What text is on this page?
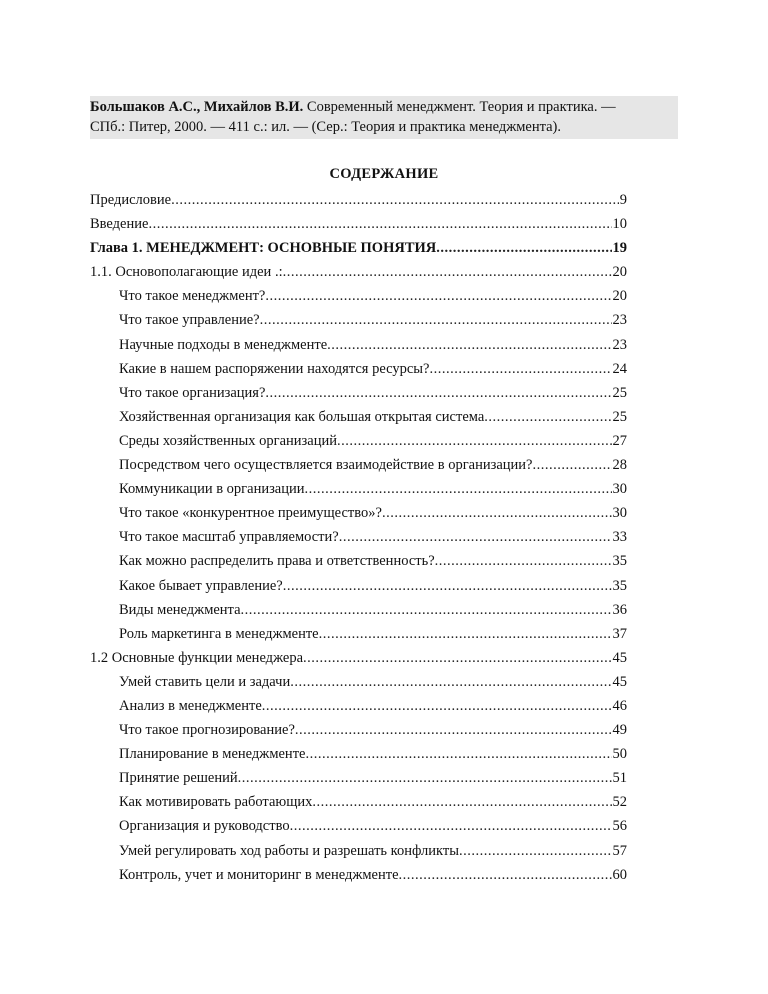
Большаков А.С., Михайлов В.И. Современный менеджмент. Теория и практика. —
СПб.: Питер, 2000. — 411 с.: ил. — (Сер.: Теория и практика менеджмента).
СОДЕРЖАНИЕ
Предисловие .....	9
Введение .....	10
Глава 1. МЕНЕДЖМЕНТ: ОСНОВНЫЕ ПОНЯТИЯ .....	19
1.1. Основополагающие идеи .: .....	20
Что такое менеджмент? .....	20
Что такое управление? .....	23
Научные подходы в менеджменте .....	23
Какие в нашем распоряжении находятся ресурсы? .....	24
Что такое организация? .....	25
Хозяйственная организация как большая открытая система .....	25
Среды хозяйственных организаций .....	27
Посредством чего осуществляется взаимодействие в организации? .....	28
Коммуникации в организации .....	30
Что такое «конкурентное преимущество»? .....	30
Что такое масштаб управляемости? .....	33
Как можно распределить права и ответственность? .....	35
Какое бывает управление? .....	35
Виды менеджмента .....	36
Роль маркетинга в менеджменте .....	37
1.2 Основные функции менеджера .....	45
Умей ставить цели и задачи .....	45
Анализ в менеджменте .....	46
Что такое прогнозирование? .....	49
Планирование в менеджменте .....	50
Принятие решений .....	51
Как мотивировать работающих .....	52
Организация и руководство .....	56
Умей регулировать ход работы и разрешать конфликты .....	57
Контроль, учет и мониторинг в менеджменте .....	60
